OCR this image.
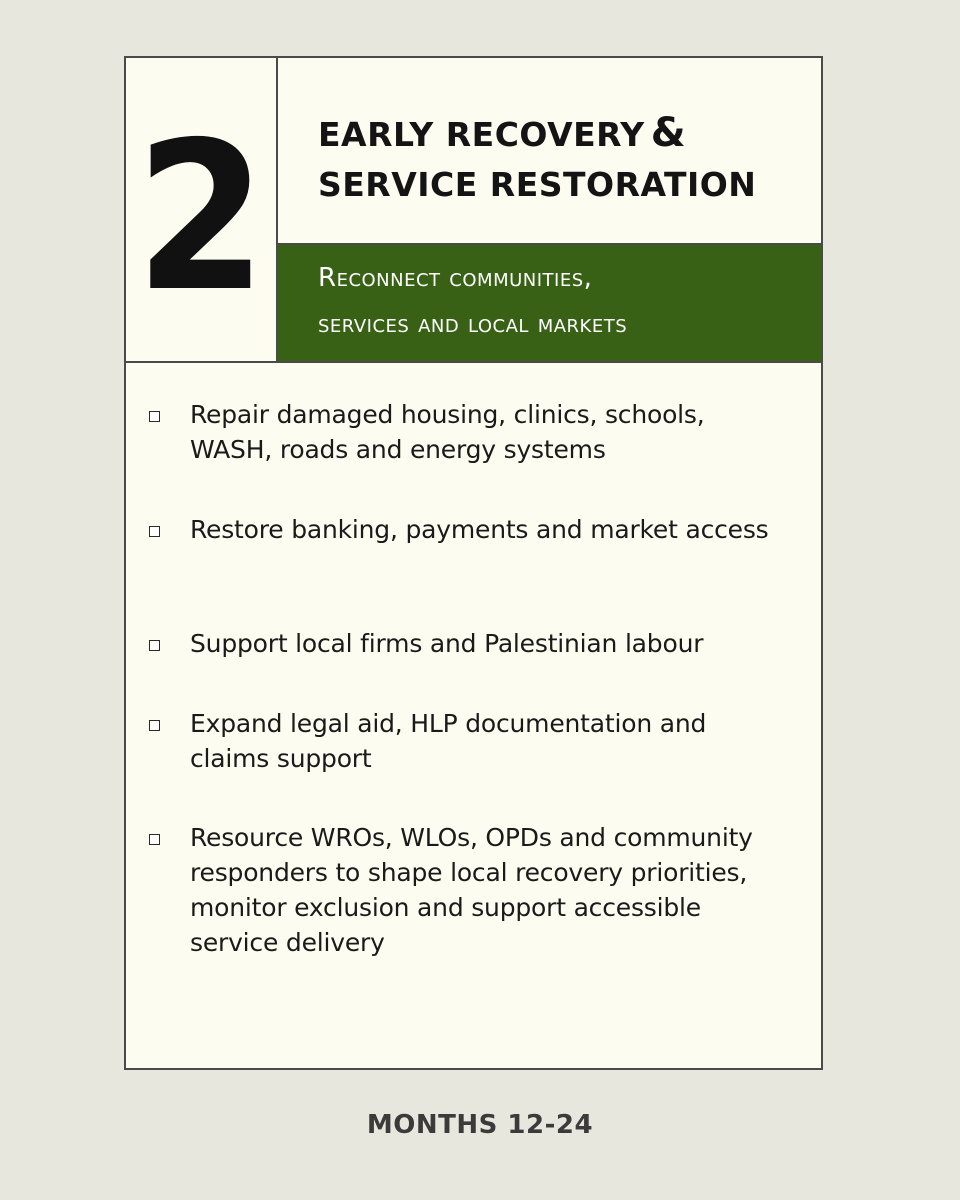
2 EARLY RECOVERY &
SERVICE RESTORATION

Reconnect communities,
services and local markets

Repair damaged housing, clinics, schools, WASH, roads and energy systems
Restore banking, payments and market access
Support local firms and Palestinian labour
Expand legal aid, HLP documentation and claims support
Resource WROs, WLOs, OPDs and community responders to shape local recovery priorities, monitor exclusion and support accessible service delivery
MONTHS 12-24
